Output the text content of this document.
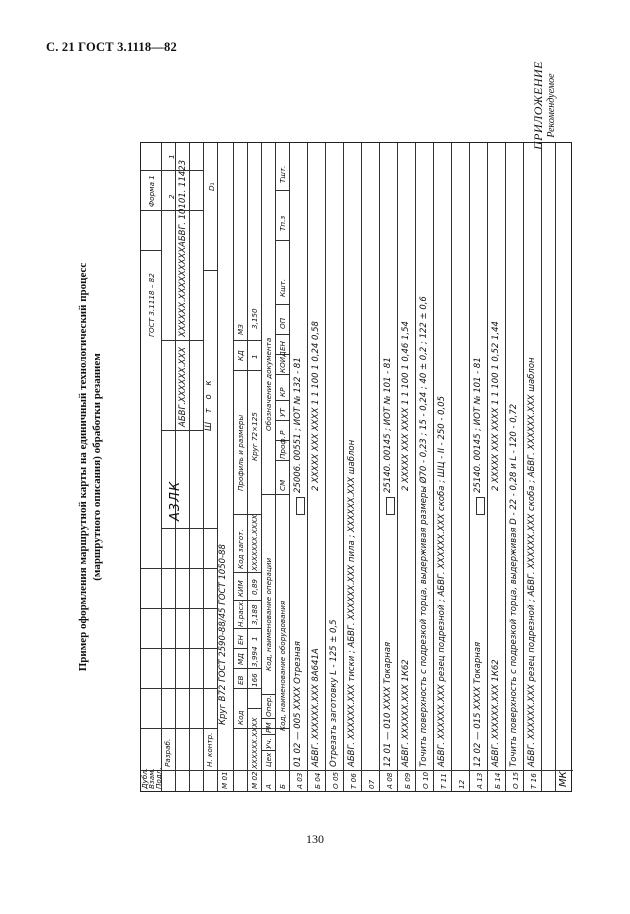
С. 21 ГОСТ 3.1118—82
ПРИЛОЖЕНИЕ Рекомендуемое
Пример оформления маршрутной карты на единичный технологический процесс (маршрутного описания) обработки резанием
Дубл.
Взам.
Подл.
ГОСТ 3.1118 – 82
Форма 1 2
1
Разраб.	Н. контр.
А3ЛК
АБВГ.XXXXXX.XXX
XXXXXX.XXXXXXXXX
АБВГ. 10101. 11423	D₁
Ш т о к
М 01
Круг В72 ГОСТ 2590-88/45 ГОСТ 1050-88 Код
ЕВ
МД
ЕН
Н.расх.
КИМ
Код загот.
Профиль и размеры
КД
МЗ
М 02
XXXXXX.XXXX
166
3,994
1
3,188
0,89
XXXXXXX.XXXX
Круг 72×125
1
3,150
А
Цех
Уч.
РМ
Опер.
Код, наименование операции
Обозначение документа
Б
Код, наименование оборудования
СМ
Проф.
Р
УТ
КР
КОИД
ЕН
ОП
Кшт.
Тп.з
Тшт.
А 03
01 02 — 005 XXXX Отрезная
25006. 00551 ; ИОТ № 132 - 81
Б 04
АБВГ. XXXXXX.XXX 8А641А
2 XXXXX XXX XXXX 1 1 100 1 0,24 0,58
О 05
Отрезать заготовку L - 125 ± 0,5
Т 06
АБВГ. XXXXXX.XXX тиски ; АБВГ. XXXXXX.XXX пила ; XXXXXX.XXX шаблон
07 А 08
12 01 — 010 XXXX Токарная
25140. 00145 ; ИОТ № 101 - 81
Б 09
АБВГ. XXXXXX.XXX 1К62
2 XXXXX XXX XXXX 1 1 100 1 0,46 1,54
О 10
Точить поверхность с подрезкой торца, выдерживая размеры Ø70 - 0,23 ; 15 - 0,24 ; 40 ± 0,2 ; 122 ± 0,6
Т 11
АБВГ. XXXXXX.XXX резец подрезной ; АБВГ. XXXXXX.XXX скоба ; ШЦ - II - 250 - 0,05
12 А 13
12 02 — 015 XXXX Токарная
25140. 00145 ; ИОТ № 101 - 81
Б 14
АБВГ. XXXXXX.XXX 1К62
2 XXXXX XXX XXXX 1 1 100 1 0,52 1,44
О 15
Точить поверхность с подрезкой торца, выдерживая D - 22 - 0,28 и L - 120 - 0,72
Т 16
АБВГ. XXXXXX.XXX резец подрезной ; АБВГ. XXXXXX.XXX скоба ; АБВГ. XXXXXX.XXX шаблон
МК
130
